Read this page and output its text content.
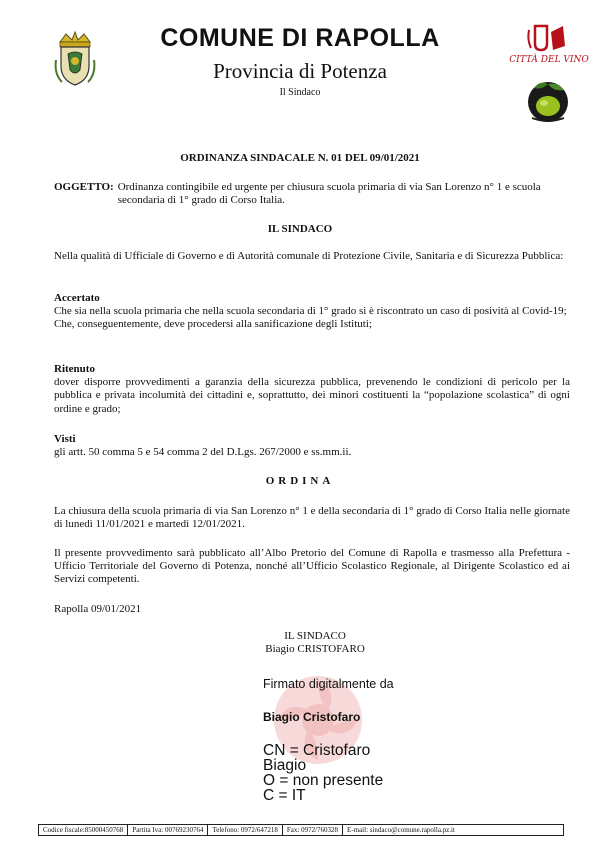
CITTÀ DEL VINO
COMUNE DI RAPOLLA
Provincia di Potenza
Il Sindaco
ORDINANZA SINDACALE N. 01 DEL 09/01/2021
OGGETTO: Ordinanza contingibile ed urgente per chiusura scuola primaria di via San Lorenzo n° 1 e scuola secondaria di 1° grado di Corso Italia.
IL SINDACO
Nella qualità di Ufficiale di Governo e di Autorità comunale di Protezione Civile, Sanitaria e di Sicurezza Pubblica:
Accertato
Che sia nella scuola primaria che nella scuola secondaria di 1° grado si è riscontrato un caso di posività al Covid-19;
Che, conseguentemente, deve procedersi alla sanificazione degli Istituti;
Ritenuto
dover disporre provvedimenti a garanzia della sicurezza pubblica, prevenendo le condizioni di pericolo per la pubblica e privata incolumità dei cittadini e, soprattutto, dei minori costituenti la “popolazione scolastica” di ogni ordine e grado;
Visti
gli artt. 50 comma 5 e 54 comma 2 del D.Lgs. 267/2000 e ss.mm.ii.
ORDINA
La chiusura della scuola primaria di via San Lorenzo n° 1 e della secondaria di 1° grado di Corso Italia nelle giornate di lunedì 11/01/2021 e martedì 12/01/2021.
Il presente provvedimento sarà pubblicato all’Albo Pretorio del Comune di Rapolla e trasmesso alla Prefettura - Ufficio Territoriale del Governo di Potenza, nonché all’Ufficio Scolastico Regionale, al Dirigente Scolastico ed ai Servizi competenti.
Rapolla 09/01/2021
IL SINDACO
Biagio CRISTOFARO
Firmato digitalmente da
Biagio Cristofaro
CN = Cristofaro
Biagio
O = non presente
C = IT
Codice fiscale:85000450768	Partita Iva: 00769230764	Telefono: 0972/647218	Fax: 0972/760328	E-mail: sindaco@comune.rapolla.pz.it
